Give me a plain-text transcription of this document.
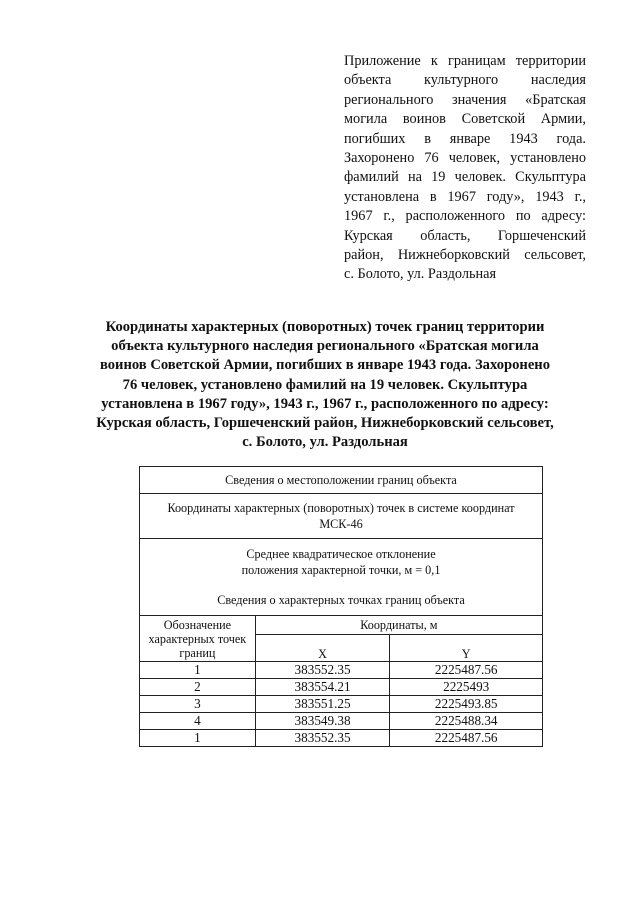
Приложение к границам территории
объекта культурного наследия
регионального значения «Братская
могила воинов Советской Армии,
погибших в январе 1943 года.
Захоронено 76 человек, установлено
фамилий на 19 человек. Скульптура
установлена в 1967 году», 1943 г.,
1967 г., расположенного по адресу:
Курская область, Горшеченский
район, Нижнеборковский сельсовет,
с. Болото, ул. Раздольная
Координаты характерных (поворотных) точек границ территории
объекта культурного наследия регионального «Братская могила
воинов Советской Армии, погибших в январе 1943 года. Захоронено
76 человек, установлено фамилий на 19 человек. Скульптура
установлена в 1967 году», 1943 г., 1967 г., расположенного по адресу:
Курская область, Горшеченский район, Нижнеборковский сельсовет,
с. Болото, ул. Раздольная
Сведения о местоположении границ объекта		

Координаты характерных (поворотных) точек в системе координат
МСК-46		

Среднее квадратическое отклонение
положения характерной точки, м = 0,1
Сведения о характерных точках границ объекта		

Обозначение
характерных точек
границ	Координаты, м	
	X	Y
1	383552.35	2225487.56
2	383554.21	2225493
3	383551.25	2225493.85
4	383549.38	2225488.34
1	383552.35	2225487.56
